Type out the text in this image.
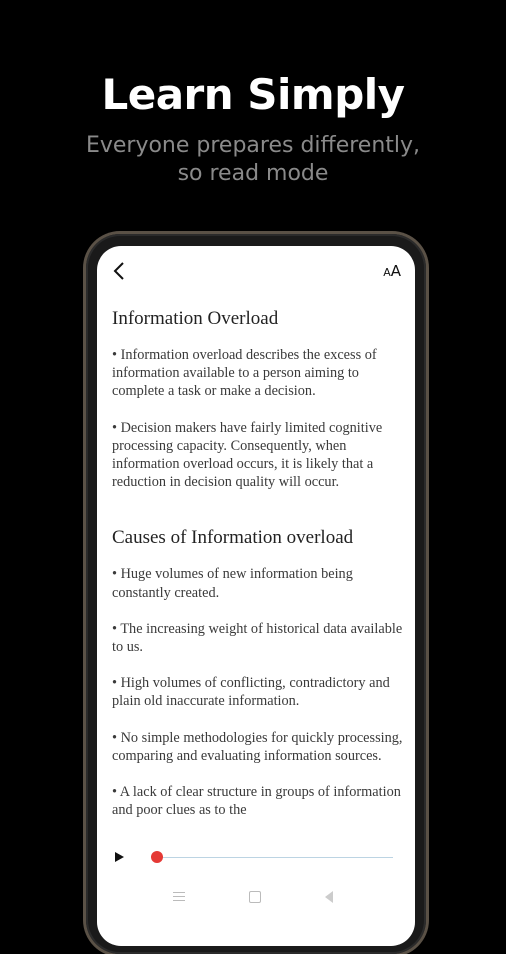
Learn Simply
Everyone prepares differently,
so read mode
AA
Information Overload

• Information overload describes the excess of information available to a person aiming to complete a task or make a decision.

• Decision makers have fairly limited cognitive processing capacity. Consequently, when information overload occurs, it is likely that a reduction in decision quality will occur.

Causes of Information overload

• Huge volumes of new information being constantly created.

• The increasing weight of historical data available to us.

• High volumes of conflicting, contradictory and plain old inaccurate information.

• No simple methodologies for quickly processing, comparing and evaluating information sources.

• A lack of clear structure in groups of information and poor clues as to the
